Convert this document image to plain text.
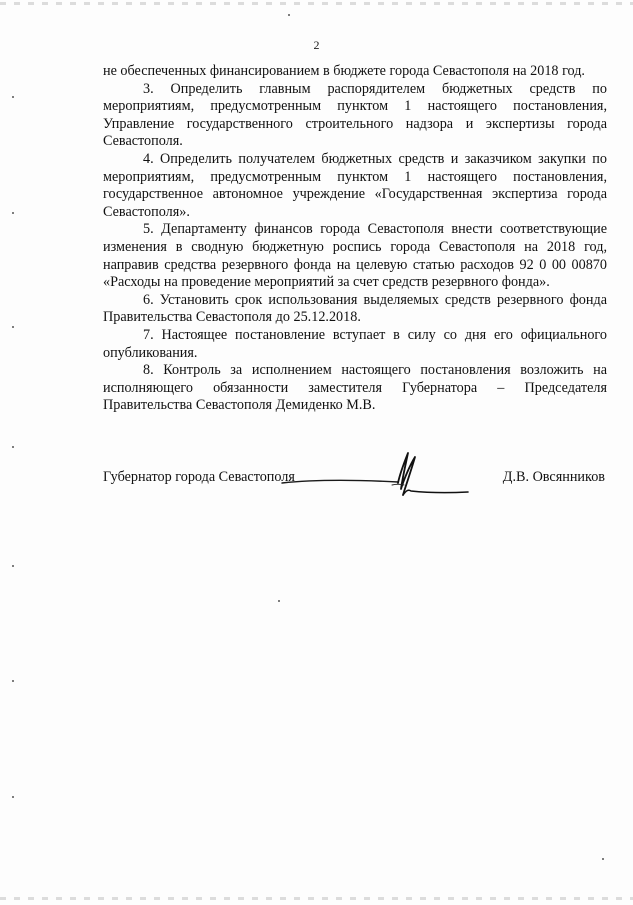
2

не обеспеченных финансированием в бюджете города Севастополя на 2018 год.

3. Определить главным распорядителем бюджетных средств по мероприятиям, предусмотренным пунктом 1 настоящего постановления, Управление государственного строительного надзора и экспертизы города Севастополя.

4. Определить получателем бюджетных средств и заказчиком закупки по мероприятиям, предусмотренным пунктом 1 настоящего постановления, государственное автономное учреждение «Государственная экспертиза города Севастополя».

5. Департаменту финансов города Севастополя внести соответствующие изменения в сводную бюджетную роспись города Севастополя на 2018 год, направив средства резервного фонда на целевую статью расходов 92 0 00 00870 «Расходы на проведение мероприятий за счет средств резервного фонда».

6. Установить срок использования выделяемых средств резервного фонда Правительства Севастополя до 25.12.2018.

7. Настоящее постановление вступает в силу со дня его официального опубликования.

8. Контроль за исполнением настоящего постановления возложить на исполняющего обязанности заместителя Губернатора – Председателя Правительства Севастополя Демиденко М.В.

Губернатор города Севастополя	Д.В. Овсянников
